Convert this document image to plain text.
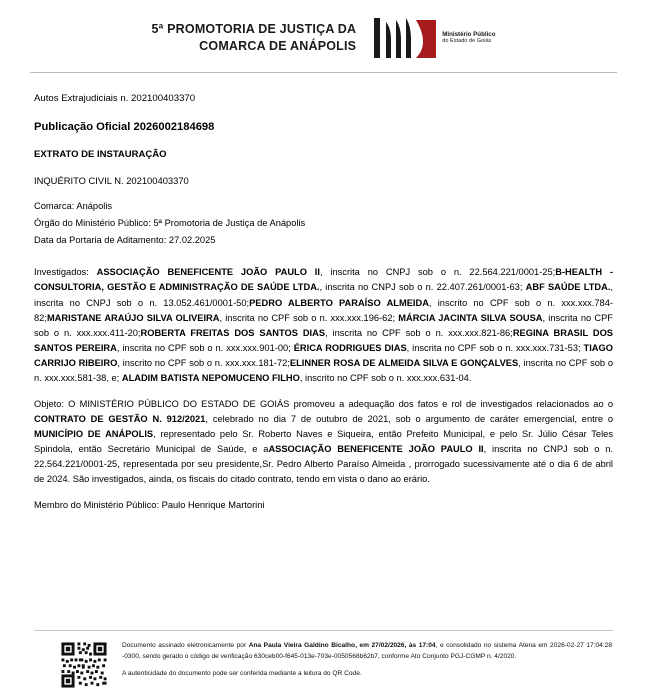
5ª PROMOTORIA DE JUSTIÇA DA
COMARCA DE ANÁPOLIS
Ministério Público
do Estado de Goiás

Autos Extrajudiciais n. 202100403370

Publicação Oficial 2026002184698

EXTRATO DE INSTAURAÇÃO

INQUÉRITO CIVIL N. 202100403370

Comarca: Anápolis

Órgão do Ministério Público: 5ª Promotoria de Justiça de Anápolis

Data da Portaria de Aditamento: 27.02.2025

Investigados: ASSOCIAÇÃO BENEFICENTE JOÃO PAULO II, inscrita no CNPJ sob o n. 22.564.221/0001-25;B-HEALTH - CONSULTORIA, GESTÃO E ADMINISTRAÇÃO DE SAÚDE LTDA., inscrita no CNPJ sob o n. 22.407.261/0001-63; ABF SAÚDE LTDA., inscrita no CNPJ sob o n. 13.052.461/0001-50;PEDRO ALBERTO PARAÍSO ALMEIDA, inscrito no CPF sob o n. xxx.xxx.784-82;MARISTANE ARAÚJO SILVA OLIVEIRA, inscrita no CPF sob o n. xxx.xxx.196-62; MÁRCIA JACINTA SILVA SOUSA, inscrita no CPF sob o n. xxx.xxx.411-20;ROBERTA FREITAS DOS SANTOS DIAS, inscrita no CPF sob o n. xxx.xxx.821-86;REGINA BRASIL DOS SANTOS PEREIRA, inscrita no CPF sob o n. xxx.xxx.901-00; ÉRICA RODRIGUES DIAS, inscrita no CPF sob o n. xxx.xxx.731-53; TIAGO CARRIJO RIBEIRO, inscrito no CPF sob o n. xxx.xxx.181-72;ELINNER ROSA DE ALMEIDA SILVA E GONÇALVES, inscrita no CPF sob o n. xxx.xxx.581-38, e; ALADIM BATISTA NEPOMUCENO FILHO, inscrito no CPF sob o n. xxx.xxx.631-04.

Objeto: O MINISTÉRIO PÚBLICO DO ESTADO DE GOIÁS promoveu a adequação dos fatos e rol de investigados relacionados ao o CONTRATO DE GESTÃO N. 912/2021, celebrado no dia 7 de outubro de 2021, sob o argumento de caráter emergencial, entre o MUNICÍPIO DE ANÁPOLIS, representado pelo Sr. Roberto Naves e Siqueira, então Prefeito Municipal, e pelo Sr. Júlio César Teles Spindola, então Secretário Municipal de Saúde, e aASSOCIAÇÃO BENEFICENTE JOÃO PAULO II, inscrita no CNPJ sob o n. 22.564.221/0001-25, representada por seu presidente,Sr. Pedro Alberto Paraíso Almeida , prorrogado sucessivamente até o dia 6 de abril de 2024. São investigados, ainda, os fiscais do citado contrato, tendo em vista o dano ao erário.

Membro do Ministério Público: Paulo Henrique Martorini

Documento assinado eletronicamente por Ana Paula Vieira Galdino Bicalho, em 27/02/2026, às 17:04, e consolidado no sistema Atena em 2026-02-27 17:04:28 -0300, sendo gerado o código de verificação 630ceb00-f645-013e-703e-0050568b62b7, conforme Ato Conjunto PGJ-CGMP n. 4/2020.

A autenticidade do documento pode ser conferida mediante a leitura do QR Code.
